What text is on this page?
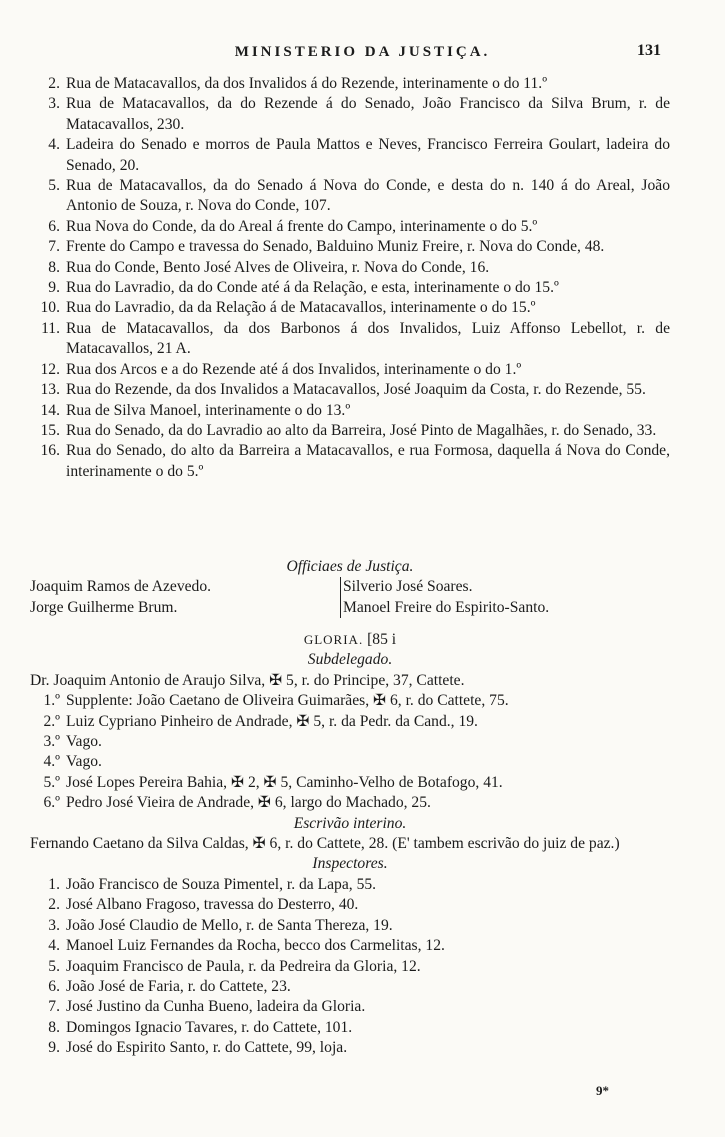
MINISTERIO DA JUSTIÇA.	131
2. Rua de Matacavallos, da dos Invalidos á do Rezende, interinamente o do 11.º
3. Rua de Matacavallos, da do Rezende á do Senado, João Francisco da Silva Brum, r. de Matacavallos, 230.
4. Ladeira do Senado e morros de Paula Mattos e Neves, Francisco Ferreira Goulart, ladeira do Senado, 20.
5. Rua de Matacavallos, da do Senado á Nova do Conde, e desta do n. 140 á do Areal, João Antonio de Souza, r. Nova do Conde, 107.
6. Rua Nova do Conde, da do Areal á frente do Campo, interinamente o do 5.º
7. Frente do Campo e travessa do Senado, Balduino Muniz Freire, r. Nova do Conde, 48.
8. Rua do Conde, Bento José Alves de Oliveira, r. Nova do Conde, 16.
9. Rua do Lavradio, da do Conde até á da Relação, e esta, interinamente o do 15.º
10. Rua do Lavradio, da da Relação á de Matacavallos, interinamente o do 15.º
11. Rua de Matacavallos, da dos Barbonos á dos Invalidos, Luiz Affonso Lebellot, r. de Matacavallos, 21 A.
12. Rua dos Arcos e a do Rezende até á dos Invalidos, interinamente o do 1.º
13. Rua do Rezende, da dos Invalidos a Matacavallos, José Joaquim da Costa, r. do Rezende, 55.
14. Rua de Silva Manoel, interinamente o do 13.º
15. Rua do Senado, da do Lavradio ao alto da Barreira, José Pinto de Magalhães, r. do Senado, 33.
16. Rua do Senado, do alto da Barreira a Matacavallos, e rua Formosa, daquella á Nova do Conde, interinamente o do 5.º
Officiaes de Justiça.
Joaquim Ramos de Azevedo.
Jorge Guilherme Brum.
Silverio José Soares.
Manoel Freire do Espirito-Santo.
GLORIA. [85 i
Subdelegado.
Dr. Joaquim Antonio de Araujo Silva, ✠ 5, r. do Principe, 37, Cattete.
1.º Supplente: João Caetano de Oliveira Guimarães, ✠ 6, r. do Cattete, 75.
2.º Luiz Cypriano Pinheiro de Andrade, ✠ 5, r. da Pedr. da Cand., 19.
3.º Vago.
4.º Vago.
5.º José Lopes Pereira Bahia, ✠ 2, ✠ 5, Caminho-Velho de Botafogo, 41.
6.º Pedro José Vieira de Andrade, ✠ 6, largo do Machado, 25.
Escrivão interino.
Fernando Caetano da Silva Caldas, ✠ 6, r. do Cattete, 28. (E' tambem escrivão do juiz de paz.)
Inspectores.
1. João Francisco de Souza Pimentel, r. da Lapa, 55.
2. José Albano Fragoso, travessa do Desterro, 40.
3. João José Claudio de Mello, r. de Santa Thereza, 19.
4. Manoel Luiz Fernandes da Rocha, becco dos Carmelitas, 12.
5. Joaquim Francisco de Paula, r. da Pedreira da Gloria, 12.
6. João José de Faria, r. do Cattete, 23.
7. José Justino da Cunha Bueno, ladeira da Gloria.
8. Domingos Ignacio Tavares, r. do Cattete, 101.
9. José do Espirito Santo, r. do Cattete, 99, loja.
9*
